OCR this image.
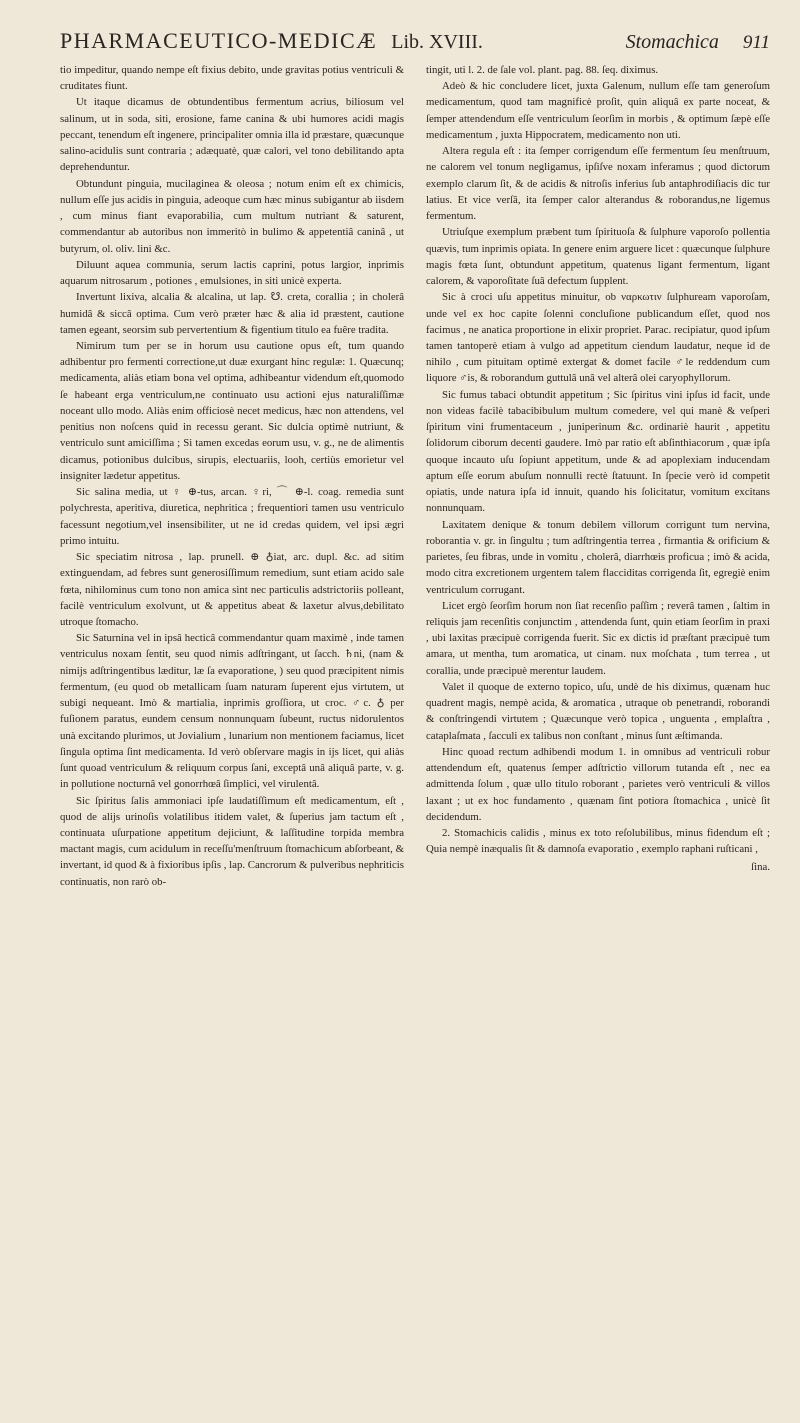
PHARMACEUTICO-MEDICÆ Lib. XVIII.	Stomachica 911

tio impeditur, quando nempe eſt fixius debito, unde gravitas potius ventriculi & cruditates fiunt.

Ut itaque dicamus de obtundentibus fermentum acrius, biliosum vel salinum, ut in soda, siti, erosione, fame canina & ubi humores acidi magis peccant, tenendum eſt ingenere, principaliter omnia illa id præstare, quæcunque salino-acidulis sunt contraria ; adæquatè, quæ calori, vel tono debilitando apta deprehenduntur.

Obtundunt pinguia, mucilaginea & oleosa ; notum enim eſt ex chimicis, nullum eſſe jus acidis in pinguia, adeoque cum hæc minus subigantur ab iisdem , cum minus fiant evaporabilia, cum multum nutriant & saturent, commendantur ab autoribus non immeritò in bulimo & appetentiâ caninâ , ut butyrum, ol. oliv. lini &c.

Diluunt aquea communia, serum lactis caprini, potus largior, inprimis aquarum nitrosarum , potiones , emulsiones, in siti unicè experta.

Invertunt lixiva, alcalia & alcalina, ut lap. ☋. creta, corallia ; in cholerâ humidâ & siccâ optima. Cum verò præter hæc & alia id præstent, cautione tamen egeant, seorsim sub pervertentium & figentium titulo ea fuêre tradita.

Nimirum tum per se in horum usu cautione opus eſt, tum quando adhibentur pro fermenti correctione,ut duæ exurgant hinc regulæ: 1. Quæcunq; medicamenta, aliàs etiam bona vel optima, adhibeantur videndum eſt,quomodo ſe habeant erga ventriculum,ne continuato usu actioni ejus naturaliſſimæ noceant ullo modo. Aliàs enim officiosè necet medicus, hæc non attendens, vel penitius non noſcens quid in recessu gerant. Sic dulcia optimè nutriunt, & ventriculo sunt amiciſſima ; Si tamen excedas eorum usu, v. g., ne de alimentis dicamus, potionibus dulcibus, sirupis, electuariis, looh, certiùs emorietur vel insigniter lædetur appetitus.

Sic salina media, ut ♀ ⊕-tus, arcan. ♀ri, ⌒ ⊕-l. coag. remedia sunt polychresta, aperitiva, diuretica, nephritica ; frequentiori tamen usu ventriculo facessunt negotium,vel insensibiliter, ut ne id credas quidem, vel ipsi ægri primo intuitu.

Sic speciatim nitrosa , lap. prunell. ⊕ ♁iat, arc. dupl. &c. ad sitim extinguendam, ad febres sunt generosiſſimum remedium, sunt etiam acido sale fœta, nihilominus cum tono non amica sint nec particulis adstrictoriis polleant, facilè ventriculum exolvunt, ut & appetitus abeat & laxetur alvus,debilitato utroque ſtomacho.

Sic Saturnina vel in ipsâ hecticâ commendantur quam maximè , inde tamen ventriculus noxam ſentit, seu quod nimis adſtringant, ut ſacch. ♄ni, (nam & nimijs adſtringentibus læditur, læ ſa evaporatione, ) seu quod præcipitent nimis fermentum, (eu quod ob metallicam ſuam naturam ſuperent ejus virtutem, ut subigi nequeant. Imò & martialia, inprimis groſſiora, ut croc. ♂c. ♁ per fuſionem paratus, eundem censum nonnunquam ſubeunt, ructus nidorulentos unà excitando plurimos, ut Jovialium , lunarium non mentionem faciamus, licet ſingula optima ſint medicamenta. Id verò obſervare magis in ijs licet, qui aliàs ſunt quoad ventriculum & reliquum corpus ſani, exceptâ unâ aliquâ parte, v. g. in pollutione nocturnâ vel gonorrhœâ ſimplici, vel virulentâ.

Sic ſpiritus ſalis ammoniaci ipſe laudatiſſimum eſt medicamentum, eſt , quod de alijs urinoſis volatilibus itidem valet, & ſuperius jam tactum eſt , continuata uſurpatione appetitum dejiciunt, & laſſitudine torpida membra mactant magis, cum acidulum in receſſu'menſtruum ſtomachicum abſorbeant, & invertant, id quod & à fixioribus ipſis , lap. Cancrorum & pulveribus nephriticis continuatis, non rarò ob-

tingit, uti l. 2. de ſale vol. plant. pag. 88. ſeq. diximus.

Adeò & hic concludere licet, juxta Galenum, nullum eſſe tam generoſum medicamentum, quod tam magnificè proſit, quin aliquâ ex parte noceat, & ſemper attendendum eſſe ventriculum ſeorſim in morbis , & optimum ſæpè eſſe medicamentum , juxta Hippocratem, medicamento non uti.

Altera regula eſt : ita ſemper corrigendum eſſe fermentum ſeu menſtruum, ne calorem vel tonum negligamus, ipſiſve noxam inferamus ; quod dictorum exemplo clarum ſit, & de acidis & nitroſis inferius ſub antaphrodiſiacis dic tur latius. Et vice verſâ, ita ſemper calor alterandus & roborandus,ne ligemus fermentum.

Utriuſque exemplum præbent tum ſpirituoſa & ſulphure vaporoſo pollentia quævis, tum inprimis opiata. In genere enim arguere licet : quæcunque ſulphure magis fœta ſunt, obtundunt appetitum, quatenus ligant fermentum, ligant calorem, & vaporoſitate ſuâ defectum ſupplent.

Sic à croci uſu appetitus minuitur, ob ναρκωτιν ſulphuream vaporoſam, unde vel ex hoc capite ſolenni concluſione publicandum eſſet, quod nos facimus , ne anatica proportione in elixir propriet. Parac. recipiatur, quod ipſum tamen tantoperè etiam à vulgo ad appetitum ciendum laudatur, neque id de nihilo , cum pituitam optimè extergat & domet facile ♂le reddendum cum liquore ♂is, & roborandum guttulâ unâ vel alterâ olei caryophyllorum.

Sic fumus tabaci obtundit appetitum ; Sic ſpiritus vini ipſus id facit, unde non videas facilè tabacibibulum multum comedere, vel qui manè & veſperi ſpiritum vini frumentaceum , juniperinum &c. ordinariè haurit , appetitu ſolidorum ciborum decenti gaudere. Imò par ratio eſt abſinthiacorum , quæ ipſa quoque incauto uſu ſopiunt appetitum, unde & ad apoplexiam inducendam aptum eſſe eorum abuſum nonnulli rectè ſtatuunt. In ſpecie verò id competit opiatis, unde natura ipſa id innuit, quando his ſolicitatur, vomitum excitans nonnunquam.

Laxitatem denique & tonum debilem villorum corrigunt tum nervina, roborantia v. gr. in ſingultu ; tum adſtringentia terrea , firmantia & orificium & parietes, ſeu fibras, unde in vomitu , cholerâ, diarrhœis proficua ; imò & acida, modo citra excretionem urgentem talem flacciditas corrigenda ſit, egregiè enim ventriculum corrugant.

Licet ergò ſeorſim horum non ſiat recenſio paſſim ; reverâ tamen , ſaltim in reliquis jam recenſitis conjunctim , attendenda ſunt, quin etiam ſeorſim in praxi , ubi laxitas præcipuè corrigenda fuerit. Sic ex dictis id præſtant præcipuè tum amara, ut mentha, tum aromatica, ut cinam. nux moſchata , tum terrea , ut corallia, unde præcipuè merentur laudem.

Valet il quoque de externo topico, uſu, undè de his diximus, quænam huc quadrent magis, nempè acida, & aromatica , utraque ob penetrandi, roborandi & conſtringendi virtutem ; Quæcunque verò topica , unguenta , emplaſtra , cataplaſmata , ſacculi ex talibus non conſtant , minus ſunt æſtimanda.

Hinc quoad rectum adhibendi modum 1. in omnibus ad ventriculi robur attendendum eſt, quatenus ſemper adſtrictio villorum tutanda eſt , nec ea admittenda ſolum , quæ ullo titulo roborant , parietes verò ventriculi & villos laxant ; ut ex hoc fundamento , quænam ſint potiora ſtomachica , unicè ſit decidendum.

2. Stomachicis calidis , minus ex toto reſolubilibus, minus fidendum eſt ; Quia nempè inæqualis ſit & damnoſa evaporatio , exemplo raphani ruſticani ,

ſina.
